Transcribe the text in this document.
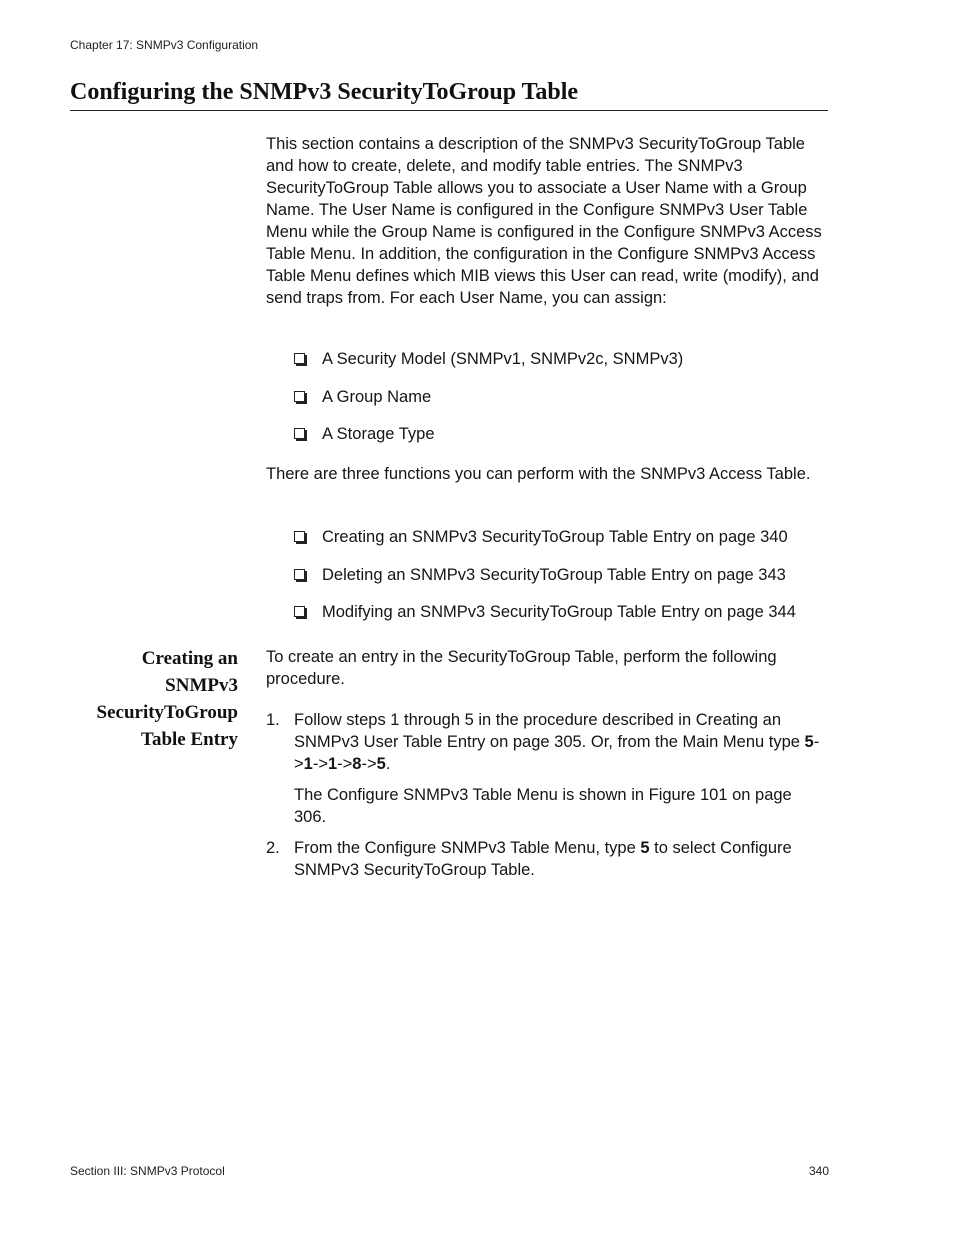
Chapter 17: SNMPv3 Configuration
Configuring the SNMPv3 SecurityToGroup Table
This section contains a description of the SNMPv3 SecurityToGroup Table and how to create, delete, and modify table entries. The SNMPv3 SecurityToGroup Table allows you to associate a User Name with a Group Name. The User Name is configured in the Configure SNMPv3 User Table Menu while the Group Name is configured in the Configure SNMPv3 Access Table Menu. In addition, the configuration in the Configure SNMPv3 Access Table Menu defines which MIB views this User can read, write (modify), and send traps from. For each User Name, you can assign:
A Security Model (SNMPv1, SNMPv2c, SNMPv3)
A Group Name
A Storage Type
There are three functions you can perform with the SNMPv3 Access Table.
Creating an SNMPv3 SecurityToGroup Table Entry on page 340
Deleting an SNMPv3 SecurityToGroup Table Entry on page 343
Modifying an SNMPv3 SecurityToGroup Table Entry on page 344
Creating an
SNMPv3
SecurityToGroup
Table Entry
To create an entry in the SecurityToGroup Table, perform the following procedure.
1. Follow steps 1 through 5 in the procedure described in Creating an SNMPv3 User Table Entry on page 305. Or, from the Main Menu type 5->1->1->8->5.
The Configure SNMPv3 Table Menu is shown in Figure 101 on page 306.
2. From the Configure SNMPv3 Table Menu, type 5 to select Configure SNMPv3 SecurityToGroup Table.
Section III: SNMPv3 Protocol	340
